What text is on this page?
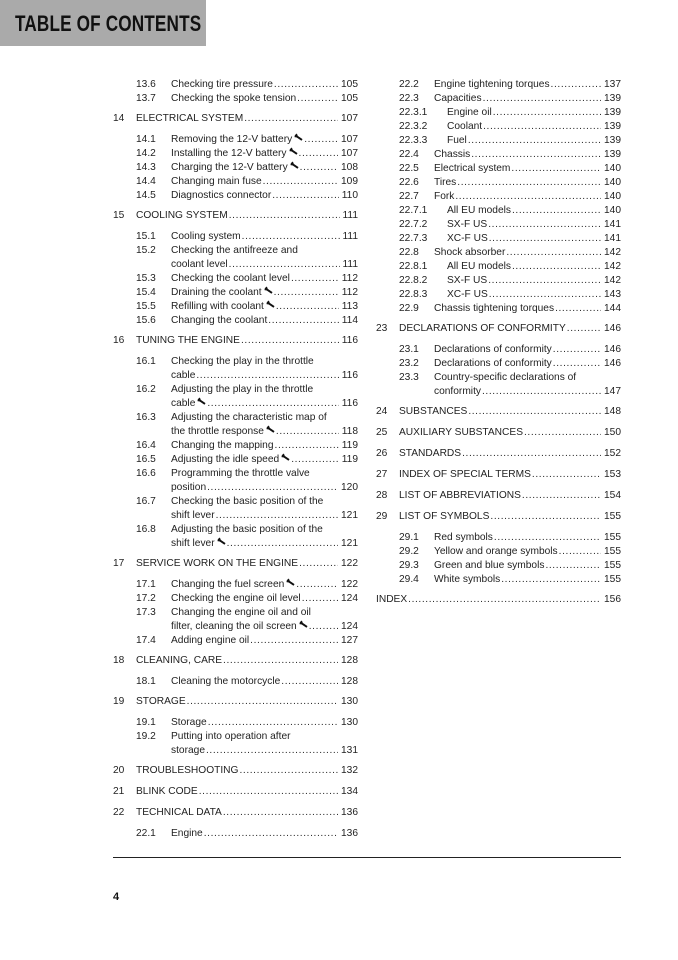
TABLE OF CONTENTS
13.6	Checking tire pressure .....	105
13.7	Checking the spoke tension .....	105
14	ELECTRICAL SYSTEM .....	107
14.1	Removing the 12-V battery .....	107
14.2	Installing the 12-V battery .....	107
14.3	Charging the 12-V battery .....	108
14.4	Changing main fuse .....	109
14.5	Diagnostics connector .....	110
15	COOLING SYSTEM .....	111
15.1	Cooling system .....	111
15.2	Checking the antifreeze and
coolant level .....	111
15.3	Checking the coolant level .....	112
15.4	Draining the coolant .....	112
15.5	Refilling with coolant .....	113
15.6	Changing the coolant .....	114
16	TUNING THE ENGINE .....	116
16.1	Checking the play in the throttle
cable .....	116
16.2	Adjusting the play in the throttle
cable .....	116
16.3	Adjusting the characteristic map of
the throttle response .....	118
16.4	Changing the mapping .....	119
16.5	Adjusting the idle speed .....	119
16.6	Programming the throttle valve
position .....	120
16.7	Checking the basic position of the
shift lever .....	121
16.8	Adjusting the basic position of the
shift lever .....	121
17	SERVICE WORK ON THE ENGINE .....	122
17.1	Changing the fuel screen .....	122
17.2	Checking the engine oil level .....	124
17.3	Changing the engine oil and oil
filter, cleaning the oil screen .....	124
17.4	Adding engine oil .....	127
18	CLEANING, CARE .....	128
18.1	Cleaning the motorcycle .....	128
19	STORAGE .....	130
19.1	Storage .....	130
19.2	Putting into operation after
storage .....	131
20	TROUBLESHOOTING .....	132
21	BLINK CODE .....	134
22	TECHNICAL DATA .....	136
22.1	Engine .....	136
22.2	Engine tightening torques .....	137
22.3	Capacities .....	139
22.3.1	Engine oil .....	139
22.3.2	Coolant .....	139
22.3.3	Fuel .....	139
22.4	Chassis .....	139
22.5	Electrical system .....	140
22.6	Tires .....	140
22.7	Fork .....	140
22.7.1	All EU models .....	140
22.7.2	SX-F US .....	141
22.7.3	XC-F US .....	141
22.8	Shock absorber .....	142
22.8.1	All EU models .....	142
22.8.2	SX-F US .....	142
22.8.3	XC-F US .....	143
22.9	Chassis tightening torques .....	144
23	DECLARATIONS OF CONFORMITY .....	146
23.1	Declarations of conformity .....	146
23.2	Declarations of conformity .....	146
23.3	Country-specific declarations of
conformity .....	147
24	SUBSTANCES .....	148
25	AUXILIARY SUBSTANCES .....	150
26	STANDARDS .....	152
27	INDEX OF SPECIAL TERMS .....	153
28	LIST OF ABBREVIATIONS .....	154
29	LIST OF SYMBOLS .....	155
29.1	Red symbols .....	155
29.2	Yellow and orange symbols .....	155
29.3	Green and blue symbols .....	155
29.4	White symbols .....	155
INDEX .....	156
4
